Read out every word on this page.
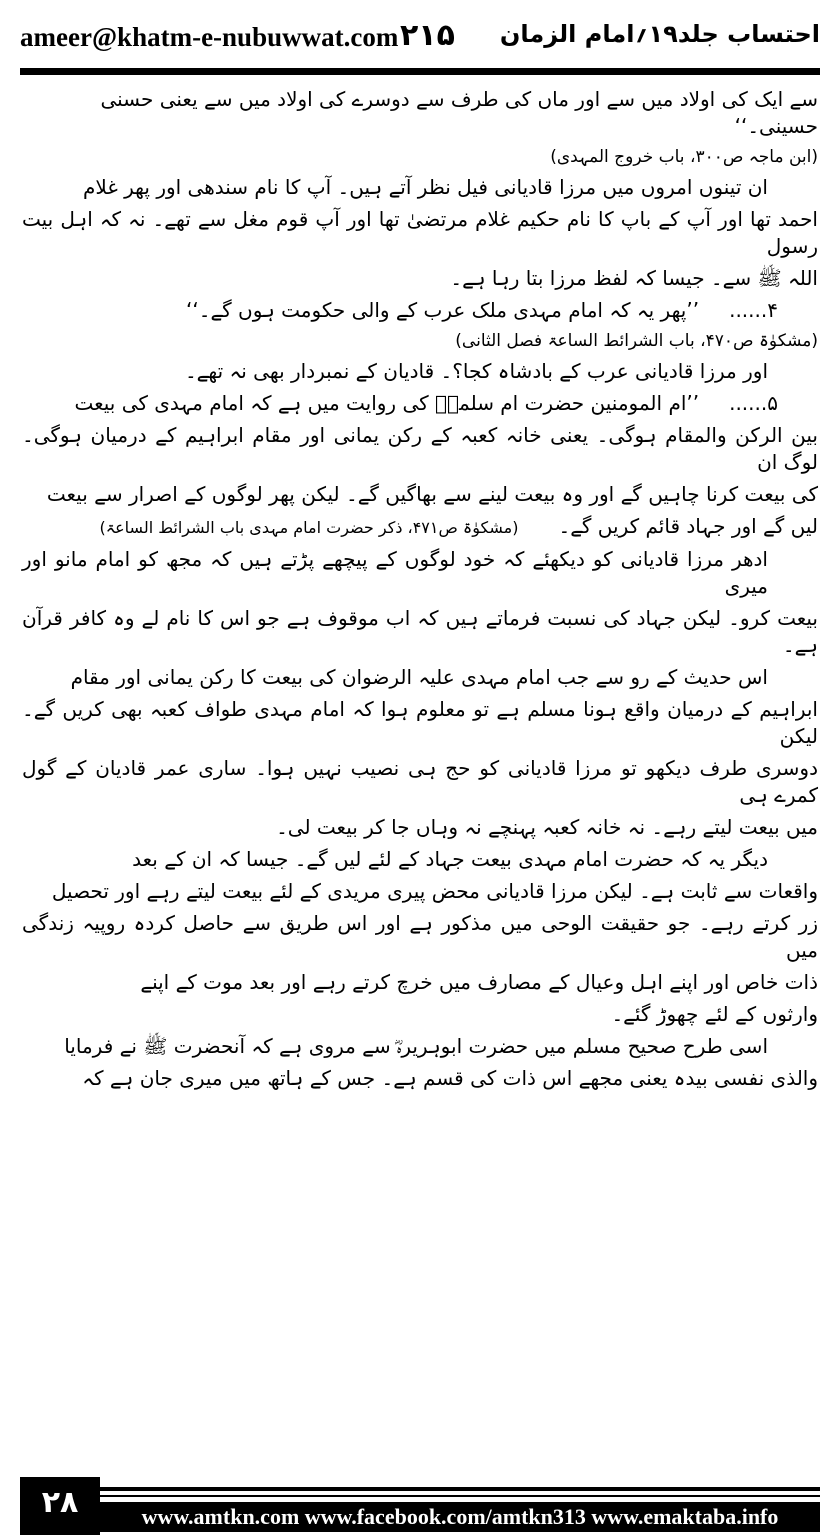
ameer@khatm-e-nubuwwat.com ۲۱۵ احتساب جلد۱۹؍امام الزمان
سے ایک کی اولاد میں سے اور ماں کی طرف سے دوسرے کی اولاد میں سے یعنی حسنی حسینی۔‘‘
(ابن ماجہ ص۳۰۰، باب خروج المہدی)
ان تینوں امروں میں مرزا قادیانی فیل نظر آتے ہیں۔ آپ کا نام سندھی اور پھر غلام
احمد تھا اور آپ کے باپ کا نام حکیم غلام مرتضیٰ تھا اور آپ قوم مغل سے تھے۔ نہ کہ اہل بیت رسول
اللہ ﷺ سے۔ جیسا کہ لفظ مرزا بتا رہا ہے۔
۴......’’پھر یہ کہ امام مہدی ملک عرب کے والی حکومت ہوں گے۔‘‘
(مشکوٰۃ ص۴۷۰، باب الشرائط الساعۃ فصل الثانی)
اور مرزا قادیانی عرب کے بادشاہ کجا؟۔ قادیان کے نمبردار بھی نہ تھے۔
۵......’’ام المومنین حضرت ام سلمہؓ کی روایت میں ہے کہ امام مہدی کی بیعت
بین الرکن والمقام ہوگی۔ یعنی خانہ کعبہ کے رکن یمانی اور مقام ابراہیم کے درمیان ہوگی۔ لوگ ان
کی بیعت کرنا چاہیں گے اور وہ بیعت لینے سے بھاگیں گے۔ لیکن پھر لوگوں کے اصرار سے بیعت
لیں گے اور جہاد قائم کریں گے۔(مشکوٰۃ ص۴۷۱، ذکر حضرت امام مہدی باب الشرائط الساعۃ)
ادھر مرزا قادیانی کو دیکھئے کہ خود لوگوں کے پیچھے پڑتے ہیں کہ مجھ کو امام مانو اور میری
بیعت کرو۔ لیکن جہاد کی نسبت فرماتے ہیں کہ اب موقوف ہے جو اس کا نام لے وہ کافر قرآن ہے۔
اس حدیث کے رو سے جب امام مہدی علیہ الرضوان کی بیعت کا رکن یمانی اور مقام
ابراہیم کے درمیان واقع ہونا مسلم ہے تو معلوم ہوا کہ امام مہدی طواف کعبہ بھی کریں گے۔ لیکن
دوسری طرف دیکھو تو مرزا قادیانی کو حج ہی نصیب نہیں ہوا۔ ساری عمر قادیان کے گول کمرے ہی
میں بیعت لیتے رہے۔ نہ خانہ کعبہ پہنچے نہ وہاں جا کر بیعت لی۔
دیگر یہ کہ حضرت امام مہدی بیعت جہاد کے لئے لیں گے۔ جیسا کہ ان کے بعد
واقعات سے ثابت ہے۔ لیکن مرزا قادیانی محض پیری مریدی کے لئے بیعت لیتے رہے اور تحصیل
زر کرتے رہے۔ جو حقیقت الوحی میں مذکور ہے اور اس طریق سے حاصل کردہ روپیہ زندگی میں
ذات خاص اور اپنے اہل وعیال کے مصارف میں خرچ کرتے رہے اور بعد موت کے اپنے
وارثوں کے لئے چھوڑ گئے۔
اسی طرح صحیح مسلم میں حضرت ابوہریرہؓ سے مروی ہے کہ آنحضرت ﷺ نے فرمایا
والذی نفسی بیدہ یعنی مجھے اس ذات کی قسم ہے۔ جس کے ہاتھ میں میری جان ہے کہ
۲۸	www.amtkn.com www.facebook.com/amtkn313 www.emaktaba.info
